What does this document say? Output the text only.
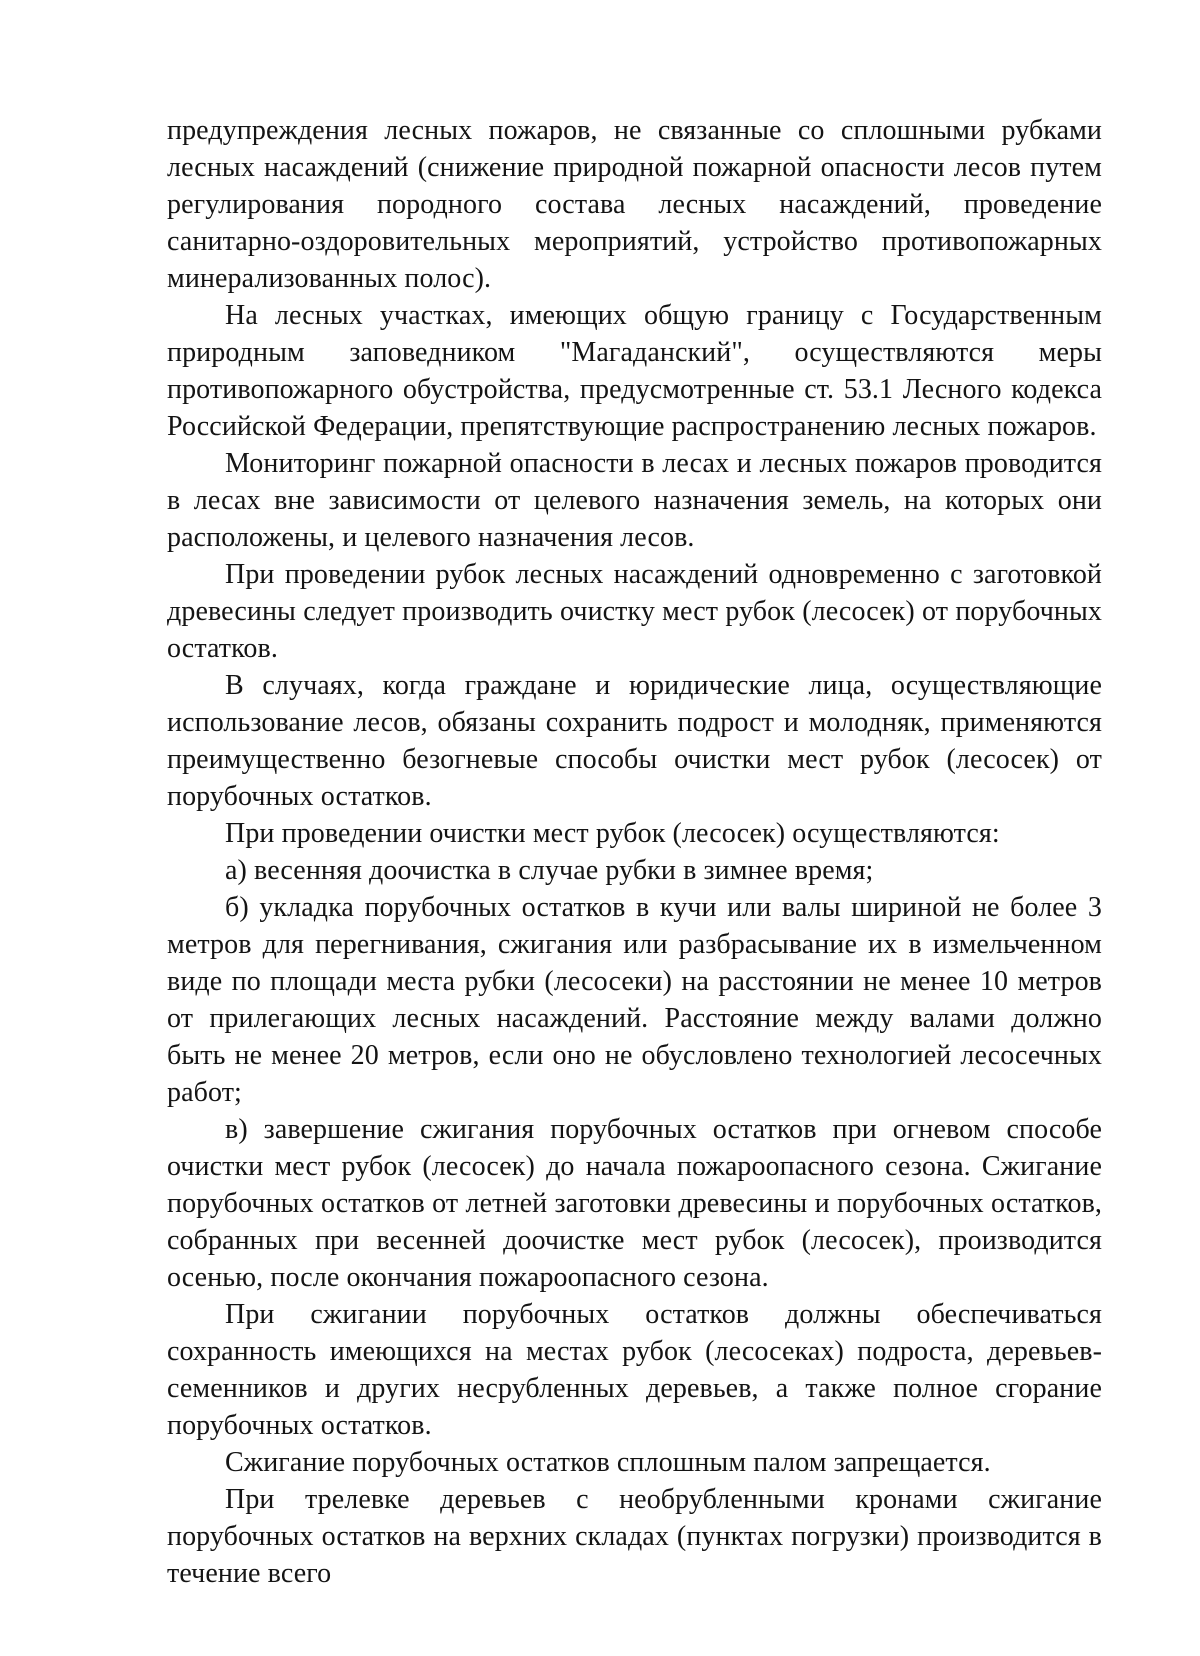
предупреждения лесных пожаров, не связанные со сплошными рубками лесных насаждений (снижение природной пожарной опасности лесов путем регулирования породного состава лесных насаждений, проведение санитарно-оздоровительных мероприятий, устройство противопожарных минерализованных полос).

На лесных участках, имеющих общую границу с Государственным природным заповедником "Магаданский", осуществляются меры противопожарного обустройства, предусмотренные ст. 53.1 Лесного кодекса Российской Федерации, препятствующие распространению лесных пожаров.

Мониторинг пожарной опасности в лесах и лесных пожаров проводится в лесах вне зависимости от целевого назначения земель, на которых они расположены, и целевого назначения лесов.

При проведении рубок лесных насаждений одновременно с заготовкой древесины следует производить очистку мест рубок (лесосек) от порубочных остатков.

В случаях, когда граждане и юридические лица, осуществляющие использование лесов, обязаны сохранить подрост и молодняк, применяются преимущественно безогневые способы очистки мест рубок (лесосек) от порубочных остатков.

При проведении очистки мест рубок (лесосек) осуществляются:

а) весенняя доочистка в случае рубки в зимнее время;

б) укладка порубочных остатков в кучи или валы шириной не более 3 метров для перегнивания, сжигания или разбрасывание их в измельченном виде по площади места рубки (лесосеки) на расстоянии не менее 10 метров от прилегающих лесных насаждений. Расстояние между валами должно быть не менее 20 метров, если оно не обусловлено технологией лесосечных работ;

в) завершение сжигания порубочных остатков при огневом способе очистки мест рубок (лесосек) до начала пожароопасного сезона. Сжигание порубочных остатков от летней заготовки древесины и порубочных остатков, собранных при весенней доочистке мест рубок (лесосек), производится осенью, после окончания пожароопасного сезона.

При сжигании порубочных остатков должны обеспечиваться сохранность имеющихся на местах рубок (лесосеках) подроста, деревьев-семенников и других несрубленных деревьев, а также полное сгорание порубочных остатков.

Сжигание порубочных остатков сплошным палом запрещается.

При трелевке деревьев с необрубленными кронами сжигание порубочных остатков на верхних складах (пунктах погрузки) производится в течение всего
